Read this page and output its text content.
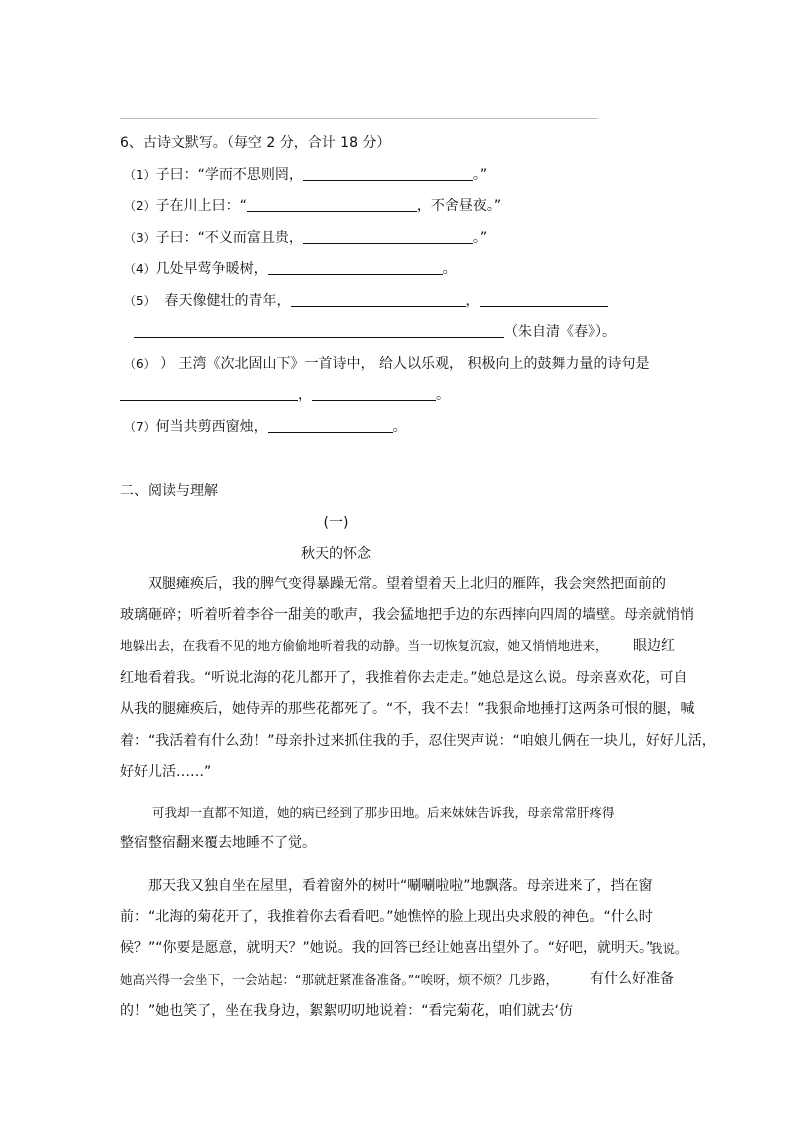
6、古诗文默写。（每空 2 分，合计 18 分）
（1）子曰：“学而不思则罔，	。”
（2）子在川上曰：“	，不舍昼夜。”
（3）子曰：“不义而富且贵，	。”
（4）几处早莺争暖树，	。
（5） 春天像健壮的青年，	，
（朱自清《春》）。
（6） ） 王湾《次北固山下》一首诗中， 给人以乐观， 积极向上的鼓舞力量的诗句是
，	。
（7）何当共剪西窗烛，	。
二、阅读与理解
(一)
秋天的怀念
双腿瘫痪后，我的脾气变得暴躁无常。望着望着天上北归的雁阵，我会突然把面前的
玻璃砸碎；听着听着李谷一甜美的歌声，我会猛地把手边的东西摔向四周的墙壁。母亲就悄悄
地躲出去，在我看不见的地方偷偷地听着我的动静。当一切恢复沉寂，她又悄悄地进来， 眼边红
红地看着我。“听说北海的花儿都开了，我推着你去走走。”她总是这么说。母亲喜欢花，可自
从我的腿瘫痪后，她侍弄的那些花都死了。“不，我不去！”我狠命地捶打这两条可恨的腿，喊
着：“我活着有什么劲！”母亲扑过来抓住我的手，忍住哭声说：“咱娘儿俩在一块儿，好好儿活，
好好儿活……”
可我却一直都不知道，她的病已经到了那步田地。后来妹妹告诉我，母亲常常肝疼得
整宿整宿翻来覆去地睡不了觉。
那天我又独自坐在屋里，看着窗外的树叶“唰唰啦啦”地飘落。母亲进来了，挡在窗
前：“北海的菊花开了，我推着你去看看吧。”她憔悴的脸上现出央求般的神色。“什么时
候？”“你要是愿意，就明天？”她说。我的回答已经让她喜出望外了。“好吧，就明天。”
我说。
她高兴得一会坐下，一会站起：“那就赶紧准备准备。”“唉呀，烦不烦？几步路， 有什么好准备
的！”她也笑了，坐在我身边，絮絮叨叨地说着：“看完菊花，咱们就去‘仿
